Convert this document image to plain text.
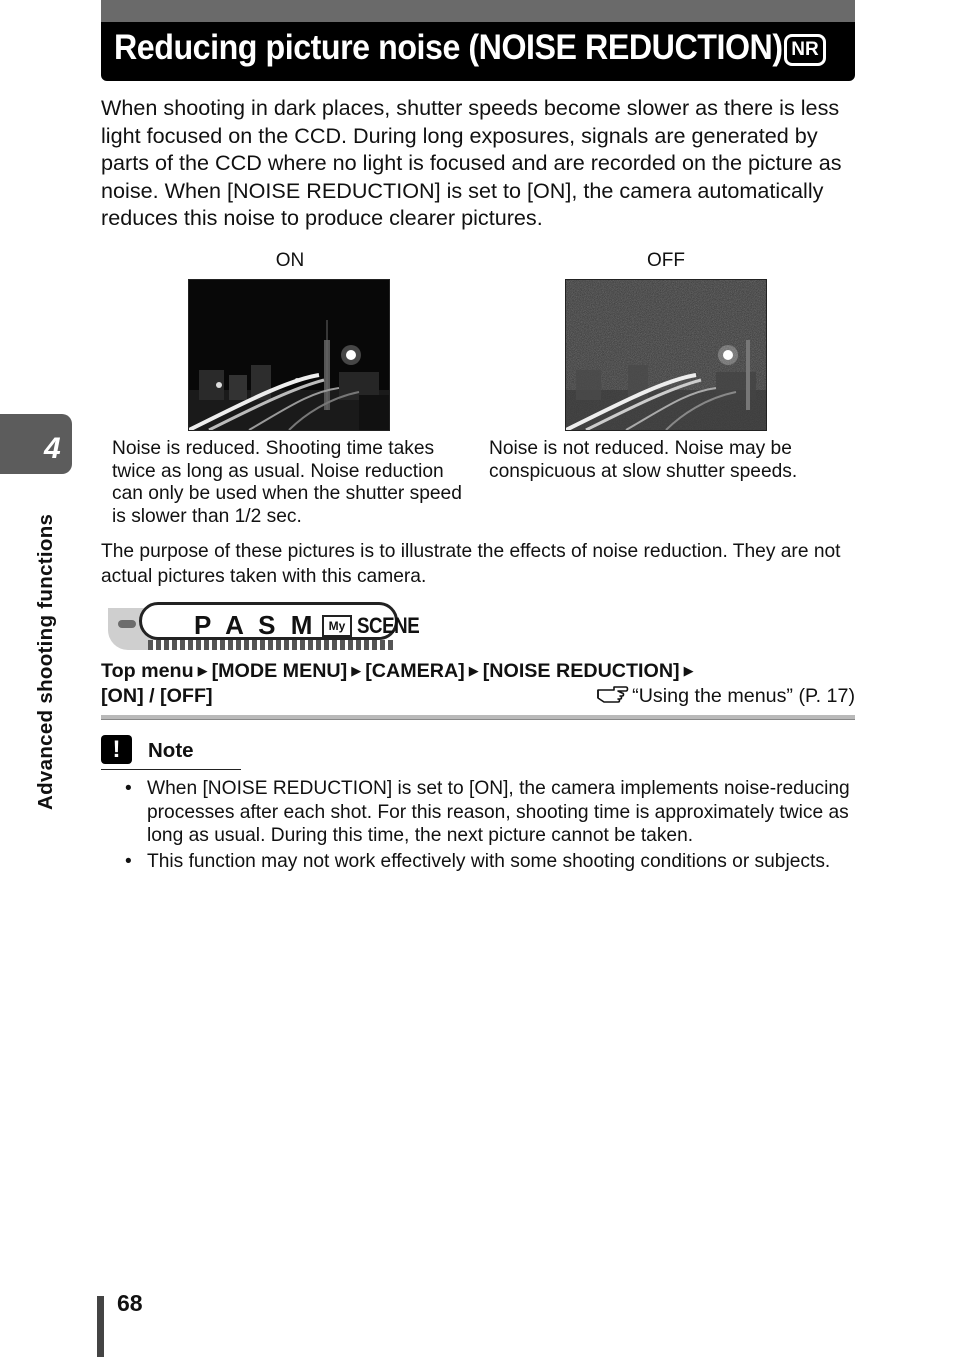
Reducing picture noise (NOISE REDUCTION) NR

When shooting in dark places, shutter speeds become slower as there is less light focused on the CCD. During long exposures, signals are generated by parts of the CCD where no light is focused and are recorded on the picture as noise. When [NOISE REDUCTION] is set to [ON], the camera automatically reduces this noise to produce clearer pictures.

ON

Noise is reduced. Shooting time takes twice as long as usual. Noise reduction can only be used when the shutter speed is slower than 1/2 sec.

OFF

Noise is not reduced. Noise may be conspicuous at slow shutter speeds.

The purpose of these pictures is to illustrate the effects of noise reduction. They are not actual pictures taken with this camera.

P A S M	My SCENE
Top menu ▶ [MODE MENU] ▶ [CAMERA] ▶ [NOISE REDUCTION] ▶
[ON] / [OFF]	“Using the menus” (P. 17)
!	Note
• When [NOISE REDUCTION] is set to [ON], the camera implements noise-reducing processes after each shot. For this reason, shooting time is approximately twice as long as usual. During this time, the next picture cannot be taken.
• This function may not work effectively with some shooting conditions or subjects.
4
Advanced shooting functions
68
